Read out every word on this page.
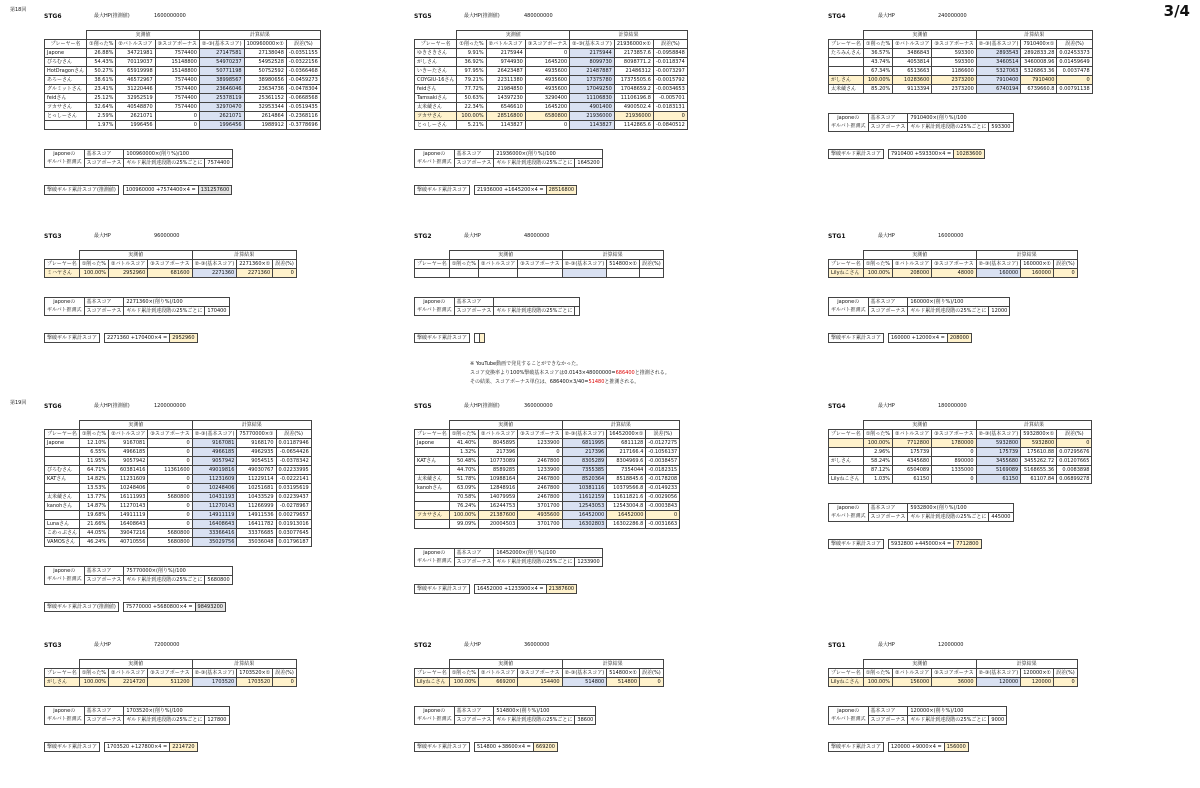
第18回
第19回
3/4
STG6	最大HP(推測値)	1600000000
	実測値			計算結果		
プレーヤー名	①削った%	②バトルスコア	③スコアボーナス	②-③(基本スコア)	100960000×①	誤差(%)
Japone	26.88%	34721981	7574400	27147581	27138048	-0.0351155
ぴろむさん	54.43%	70119037	15148800	54970237	54952528	-0.0322156
HotDragonさん	50.27%	65919998	15148800	50771198	50752592	-0.0366468
あろーさん	38.61%	46572967	7574400	38998567	38980656	-0.0459273
グルミットさん	23.41%	31220446	7574400	23646046	23634736	-0.0478304
feidさん	25.12%	32952519	7574400	25378119	25361152	-0.0668568
ツカサさん	32.64%	40548870	7574400	32970470	32953344	-0.0519435
とっしーさん	2.59%	2621071	0	2621071	2614864	-0.2368116
	1.97%	1996456	0	1996456	1988912	-0.3778696
japoneの	基本スコア	100960000×(削り%)/100	
ギルバト推測式	スコアボーナス	ギルド累計到達段階の25%ごとに	7574400
撃破ギルド累計スコア(推測値)		100960000 +7574400×4 =	131257600
STG5	最大HP(推測値)	480000000
	実測値			計算結果		
プレーヤー名	①削った%	②バトルスコア	③スコアボーナス	②-③(基本スコア)	21936000×①	誤差(%)
ゆきさきさん	9.91%	2175944	0	2175944	2173857.6	-0.0958848
がしさん	36.92%	9744930	1645200	8099730	8098771.2	-0.0118374
いきーたさん	97.95%	26423487	4935600	21487887	21486312	-0.0073297
COYGIU-16さん	79.21%	22311380	4935600	17375780	17375505.6	-0.0015792
feidさん	77.72%	21984850	4935600	17049250	17048659.2	-0.0034653
Tamsakiさん	50.63%	14397230	3290400	11106830	11106196.8	-0.005701
太米蔵さん	22.34%	6546610	1645200	4901400	4900502.4	-0.0183131
ツカサさん	100.00%	28516800	6580800	21936000	21936000	0
とっしーさん	5.21%	1143827	0	1143827	1142865.6	-0.0840512
japoneの	基本スコア	21936000×(削り%)/100	
ギルバト推測式	スコアボーナス	ギルド累計到達段階の25%ごとに	1645200
撃破ギルド累計スコア		21936000 +1645200×4 =	28516800
STG4	最大HP	240000000
	実測値			計算結果		
プレーヤー名	①削った%	②バトルスコア	③スコアボーナス	②-③(基本スコア)	7910400×①	誤差(%)
たろみんさん	36.57%	3486843	593300	2893543	2892833.28	0.02453373
	43.74%	4053814	593300	3460514	3460008.96	0.01459649
	67.34%	6513663	1186600	5327063	5326863.36	0.0037478
がしさん	100.00%	10283600	2373200	7910400	7910400	0
太米蔵さん	85.20%	9113394	2373200	6740194	6739660.8	0.00791138
japoneの	基本スコア	7910400×(削り%)/100	
ギルバト推測式	スコアボーナス	ギルド累計到達段階の25%ごとに	593300
撃破ギルド累計スコア		7910400 +593300×4 =	10283600
STG3	最大HP	96000000
	実測値			計算結果		
プレーヤー名	①削った%	②バトルスコア	③スコアボーナス	②-③(基本スコア)	2271360×①	誤差(%)
ミハヤさん	100.00%	2952960	681600	2271360	2271360	0
japoneの	基本スコア	2271360×(削り%)/100	
ギルバト推測式	スコアボーナス	ギルド累計到達段階の25%ごとに	170400
撃破ギルド累計スコア		2271360 +170400×4 =	2952960
STG2	最大HP	48000000
	実測値			計算結果		
プレーヤー名	①削った%	②バトルスコア	③スコアボーナス	②-③(基本スコア)	514800×①	誤差(%)

japoneの	基本スコア		
ギルバト推測式	スコアボーナス	ギルド累計到達段階の25%ごとに	
撃破ギルド累計スコア			
STG1	最大HP	16000000
	実測値			計算結果		
プレーヤー名	①削った%	②バトルスコア	③スコアボーナス	②-③(基本スコア)	160000×①	誤差(%)
Lilyねこさん	100.00%	208000	48000	160000	160000	0
japoneの	基本スコア	160000×(削り%)/100	
ギルバト推測式	スコアボーナス	ギルド累計到達段階の25%ごとに	12000
撃破ギルド累計スコア		160000 +12000×4 =	208000
STG6	最大HP(推測値)	1200000000
	実測値			計算結果		
プレーヤー名	①削った%	②バトルスコア	③スコアボーナス	②-③(基本スコア)	75770000×①	誤差(%)
Japone	12.10%	9167081	0	9167081	9168170	0.01187946
	6.55%	4966185	0	4966185	4962935	-0.0654426
	11.95%	9057942	0	9057942	9054515	-0.0378342
ぴろむさん	64.71%	60381416	11361600	49019816	49030767	0.02233995
KATさん	14.82%	11231609	0	11231609	11229114	-0.0222141
	13.53%	10248406	0	10248406	10251681	0.03195619
太米蔵さん	13.77%	16111993	5680800	10431193	10433529	0.02239437
kanohさん	14.87%	11270143	0	11270143	11266999	-0.0278967
	19.68%	14911119	0	14911119	14911536	0.00279657
Lunaさん	21.66%	16408643	0	16408643	16411782	0.01913016
こめっぷさん	44.05%	39047216	5680800	33366416	33376685	0.03077645
VAMOSさん	46.24%	40710556	5680800	35029756	35036048	0.01796187
japoneの	基本スコア	75770000×(削り%)/100	
ギルバト推測式	スコアボーナス	ギルド累計到達段階の25%ごとに	5680800
撃破ギルド累計スコア(推測値)		75770000 +5680800×4 =	98493200
STG5	最大HP(推測値)	360000000
	実測値			計算結果		
プレーヤー名	①削った%	②バトルスコア	③スコアボーナス	②-③(基本スコア)	16452000×①	誤差(%)
Japone	41.40%	8045895	1233900	6811995	6811128	-0.0127275
	1.32%	217396	0	217396	217166.4	-0.1056137
KATさん	50.48%	10773089	2467800	8305289	8304969.6	-0.0038457
	44.70%	8589285	1233900	7355385	7354044	-0.0182315
太米蔵さん	51.78%	10988164	2467800	8520364	8518845.6	-0.0178208
kanohさん	63.09%	12848916	2467800	10381116	10379566.8	-0.0149233
	70.58%	14079959	2467800	11612159	11611821.6	-0.0029056
	76.24%	16244753	3701700	12543053	12543004.8	-0.0003843
ツカサさん	100.00%	21387600	4935600	16452000	16452000	0
	99.09%	20004503	3701700	16302803	16302286.8	-0.0031663
japoneの	基本スコア	16452000×(削り%)/100	
ギルバト推測式	スコアボーナス	ギルド累計到達段階の25%ごとに	1233900
撃破ギルド累計スコア		16452000 +1233900×4 =	21387600
STG4	最大HP	180000000
	実測値			計算結果		
プレーヤー名	①削った%	②バトルスコア	③スコアボーナス	②-③(基本スコア)	5932800×①	誤差(%)
	100.00%	7712800	1780000	5932800	5932800	0
	2.96%	175739	0	175739	175610.88	0.07295676
がしさん	58.24%	4345680	890000	3455680	3455262.72	0.01207665
	87.12%	6504089	1335000	5169089	5168655.36	0.0083898
Lilyねこさん	1.03%	61150	0	61150	61107.84	0.06899278
japoneの	基本スコア	5932800×(削り%)/100	
ギルバト推測式	スコアボーナス	ギルド累計到達段階の25%ごとに	445000
撃破ギルド累計スコア		5932800 +445000×4 =	7712800
STG3	最大HP	72000000
	実測値			計算結果		
プレーヤー名	①削った%	②バトルスコア	③スコアボーナス	②-③(基本スコア)	1703520×①	誤差(%)
がしさん	100.00%	2214720	511200	1703520	1703520	0
japoneの	基本スコア	1703520×(削り%)/100	
ギルバト推測式	スコアボーナス	ギルド累計到達段階の25%ごとに	127800
撃破ギルド累計スコア		1703520 +127800×4 =	2214720
STG2	最大HP	36000000
	実測値			計算結果		
プレーヤー名	①削った%	②バトルスコア	③スコアボーナス	②-③(基本スコア)	514800×①	誤差(%)
Lilyねこさん	100.00%	669200	154400	514800	514800	0
japoneの	基本スコア	514800×(削り%)/100	
ギルバト推測式	スコアボーナス	ギルド累計到達段階の25%ごとに	38600
撃破ギルド累計スコア		514800 +38600×4 =	669200
STG1	最大HP	12000000
	実測値			計算結果		
プレーヤー名	①削った%	②バトルスコア	③スコアボーナス	②-③(基本スコア)	120000×①	誤差(%)
Lilyねこさん	100.00%	156000	36000	120000	120000	0
japoneの	基本スコア	120000×(削り%)/100	
ギルバト推測式	スコアボーナス	ギルド累計到達段階の25%ごとに	9000
撃破ギルド累計スコア		120000 +9000×4 =	156000
※ YouTube動画で発見することができなかった。
スコア変換率より100%撃破基本スコアは0.0143×48000000=686400と推測される。
その結果、スコアボーナス単位は、686400×3/40=51480と推測される。
